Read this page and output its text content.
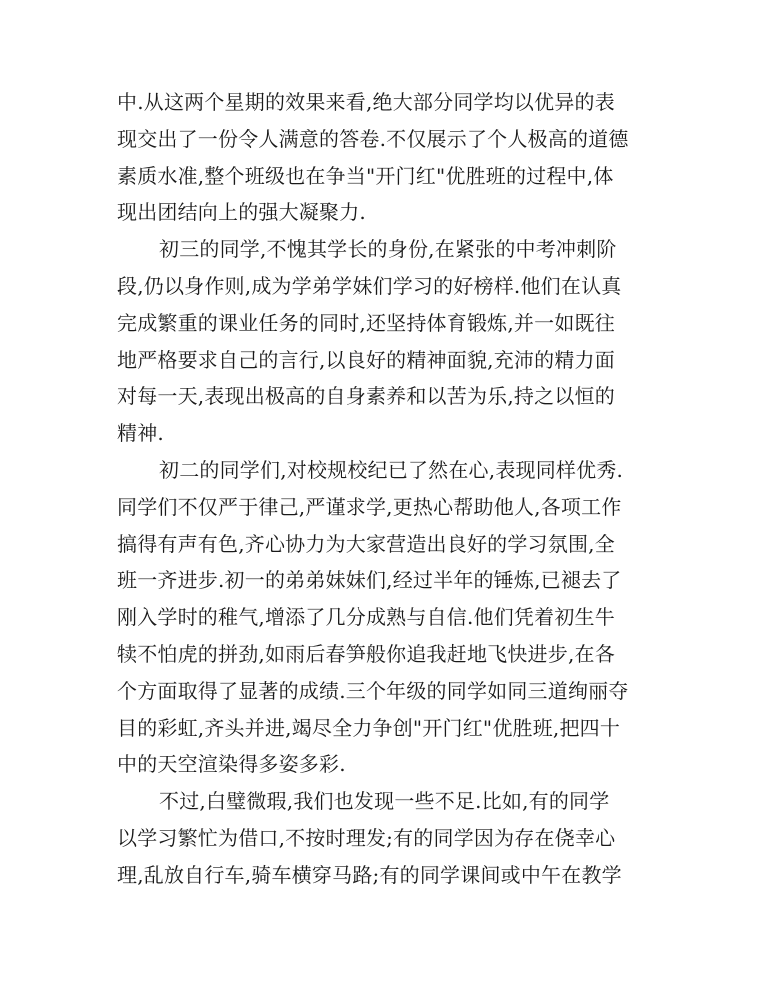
中.从这两个星期的效果来看,绝大部分同学均以优异的表
现交出了一份令人满意的答卷.不仅展示了个人极高的道德
素质水准,整个班级也在争当"开门红"优胜班的过程中,体
现出团结向上的强大凝聚力.
初三的同学,不愧其学长的身份,在紧张的中考冲刺阶
段,仍以身作则,成为学弟学妹们学习的好榜样.他们在认真
完成繁重的课业任务的同时,还坚持体育锻炼,并一如既往
地严格要求自己的言行,以良好的精神面貌,充沛的精力面
对每一天,表现出极高的自身素养和以苦为乐,持之以恒的
精神.
初二的同学们,对校规校纪已了然在心,表现同样优秀.
同学们不仅严于律己,严谨求学,更热心帮助他人,各项工作
搞得有声有色,齐心协力为大家营造出良好的学习氛围,全
班一齐进步.初一的弟弟妹妹们,经过半年的锤炼,已褪去了
刚入学时的稚气,增添了几分成熟与自信.他们凭着初生牛
犊不怕虎的拼劲,如雨后春笋般你追我赶地飞快进步,在各
个方面取得了显著的成绩.三个年级的同学如同三道绚丽夺
目的彩虹,齐头并进,竭尽全力争创"开门红"优胜班,把四十
中的天空渲染得多姿多彩.
不过,白璧微瑕,我们也发现一些不足.比如,有的同学
以学习繁忙为借口,不按时理发;有的同学因为存在侥幸心
理,乱放自行车,骑车横穿马路;有的同学课间或中午在教学
